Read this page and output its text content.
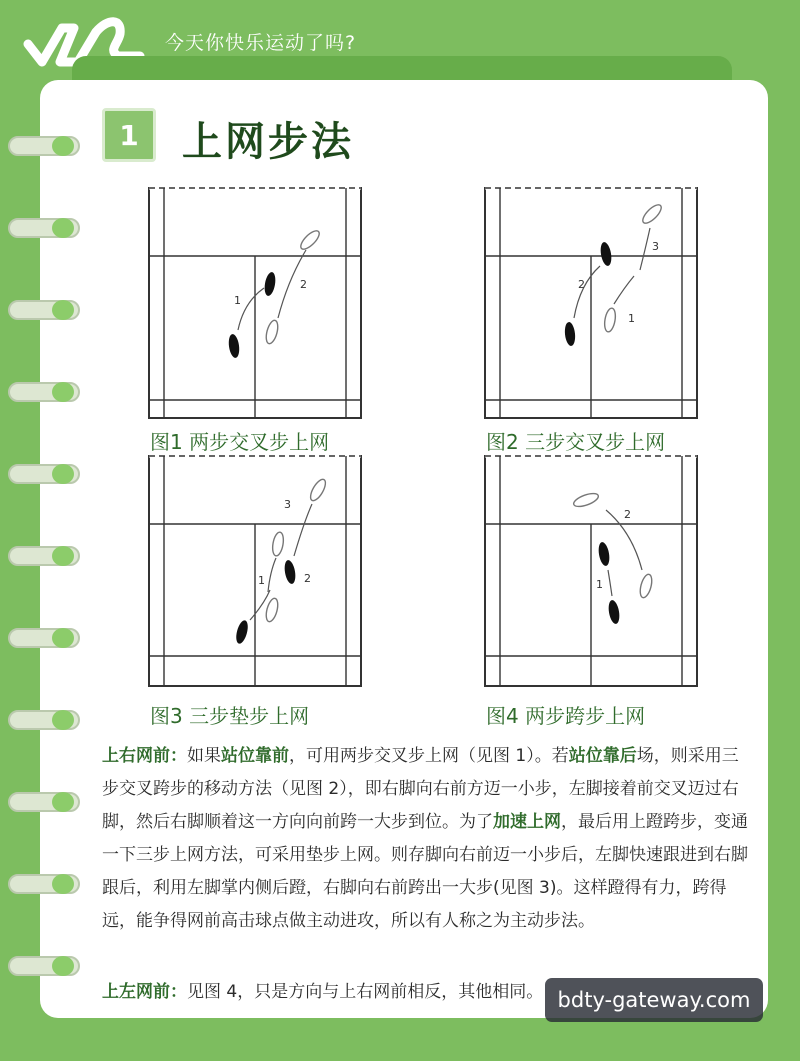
今天你快乐运动了吗?
1	上网步法
1
2
图1 两步交叉步上网
1
2
3
图2 三步交叉步上网
1	2
3
图3 三步垫步上网
1
2
图4 两步跨步上网
上右网前：如果站位靠前，可用两步交叉步上网（见图 1）。若站位靠后场，则采用三步交叉跨步的移动方法（见图 2），即右脚向右前方迈一小步，左脚接着前交叉迈过右脚，然后右脚顺着这一方向向前跨一大步到位。为了加速上网，最后用上蹬跨步，变通一下三步上网方法，可采用垫步上网。则存脚向右前迈一小步后，左脚快速跟进到右脚跟后，利用左脚掌内侧后蹬，右脚向右前跨出一大步(见图 3)。这样蹬得有力，跨得远，能争得网前高击球点做主动进攻，所以有人称之为主动步法。
上左网前：见图 4，只是方向与上右网前相反，其他相同。 bdty-gateway.com
